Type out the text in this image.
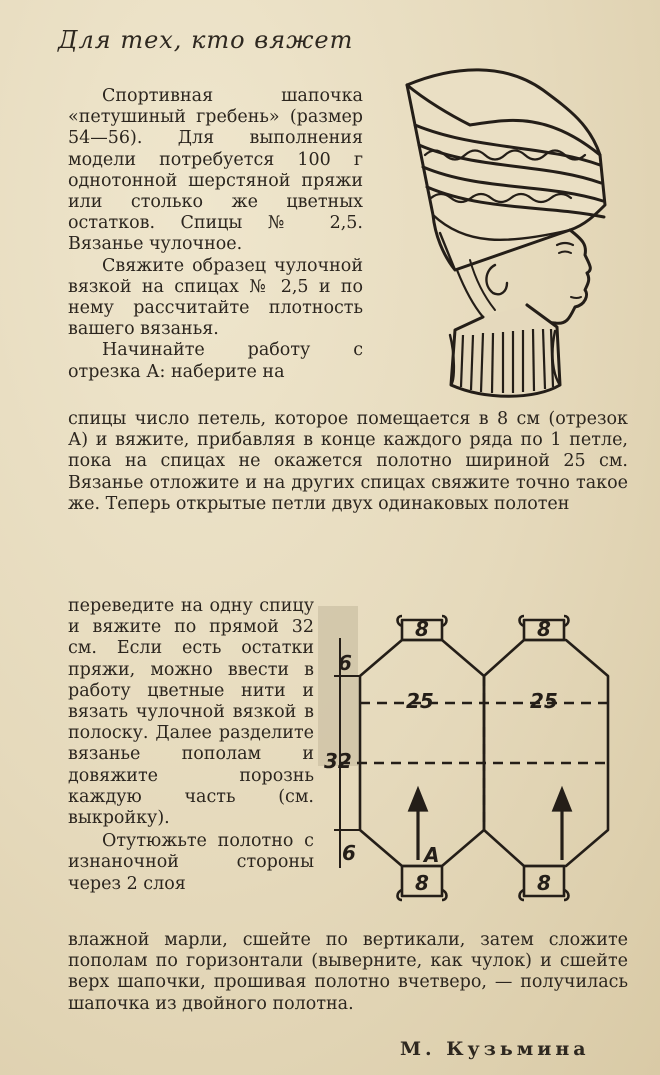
Для тех, кто вяжет

Спортивная шапочка «петушиный гребень» (размер 54—56). Для выполнения модели потребуется 100 г однотонной шерстяной пряжи или столько же цветных остатков. Спицы № 2,5. Вязанье чулочное.

Свяжите образец чулочной вязкой на спицах № 2,5 и по нему рассчитайте плотность вашего вязанья.

Начинайте работу с отрезка А: наберите на

спицы число петель, которое помещается в 8 см (отрезок А) и вяжите, прибавляя в конце каждого ряда по 1 петле, пока на спицах не окажется полотно шириной 25 см. Вязанье отложите и на других спицах свяжите точно такое же. Теперь открытые петли двух одинаковых полотен

переведите на одну спицу и вяжите по прямой 32 см. Если есть остатки пряжи, можно ввести в работу цветные нити и вязать чулочной вязкой в полоску. Далее разделите вязанье пополам и довяжите порознь каждую часть (см. выкройку).

Отутюжьте полотно с изнаночной стороны через 2 слоя

влажной марли, сшейте по вертикали, затем сложите пополам по горизонтали (выверните, как чулок) и сшейте верх шапочки, прошивая полотно вчетверо, — получилась шапочка из двойного полотна.

М. Кузьмина
8	8
6
25	25
32
6	A
8	8
